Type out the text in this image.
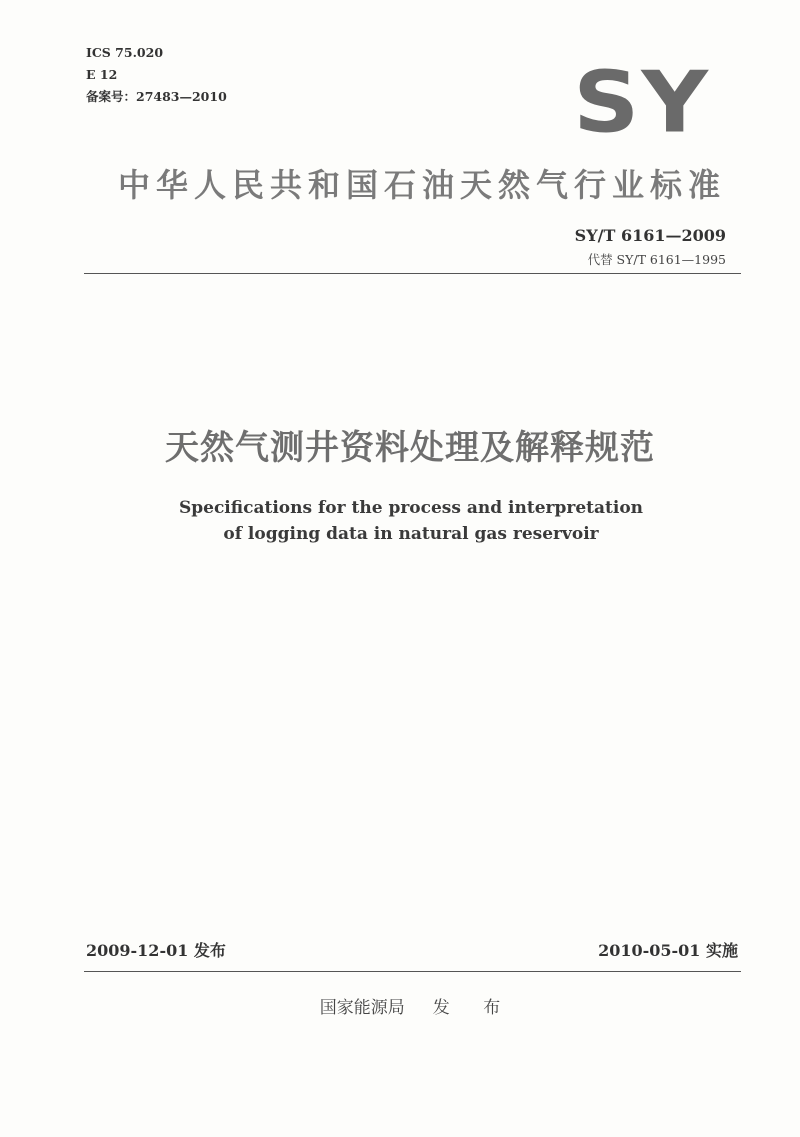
ICS 75.020
E 12
备案号：27483—2010	SY
中华人民共和国石油天然气行业标准
SY/T 6161—2009
代替 SY/T 6161—1995
天然气测井资料处理及解释规范
Specifications for the process and interpretation
of logging data in natural gas reservoir
2009-12-01 发布	2010-05-01 实施
国家能源局 发 布
